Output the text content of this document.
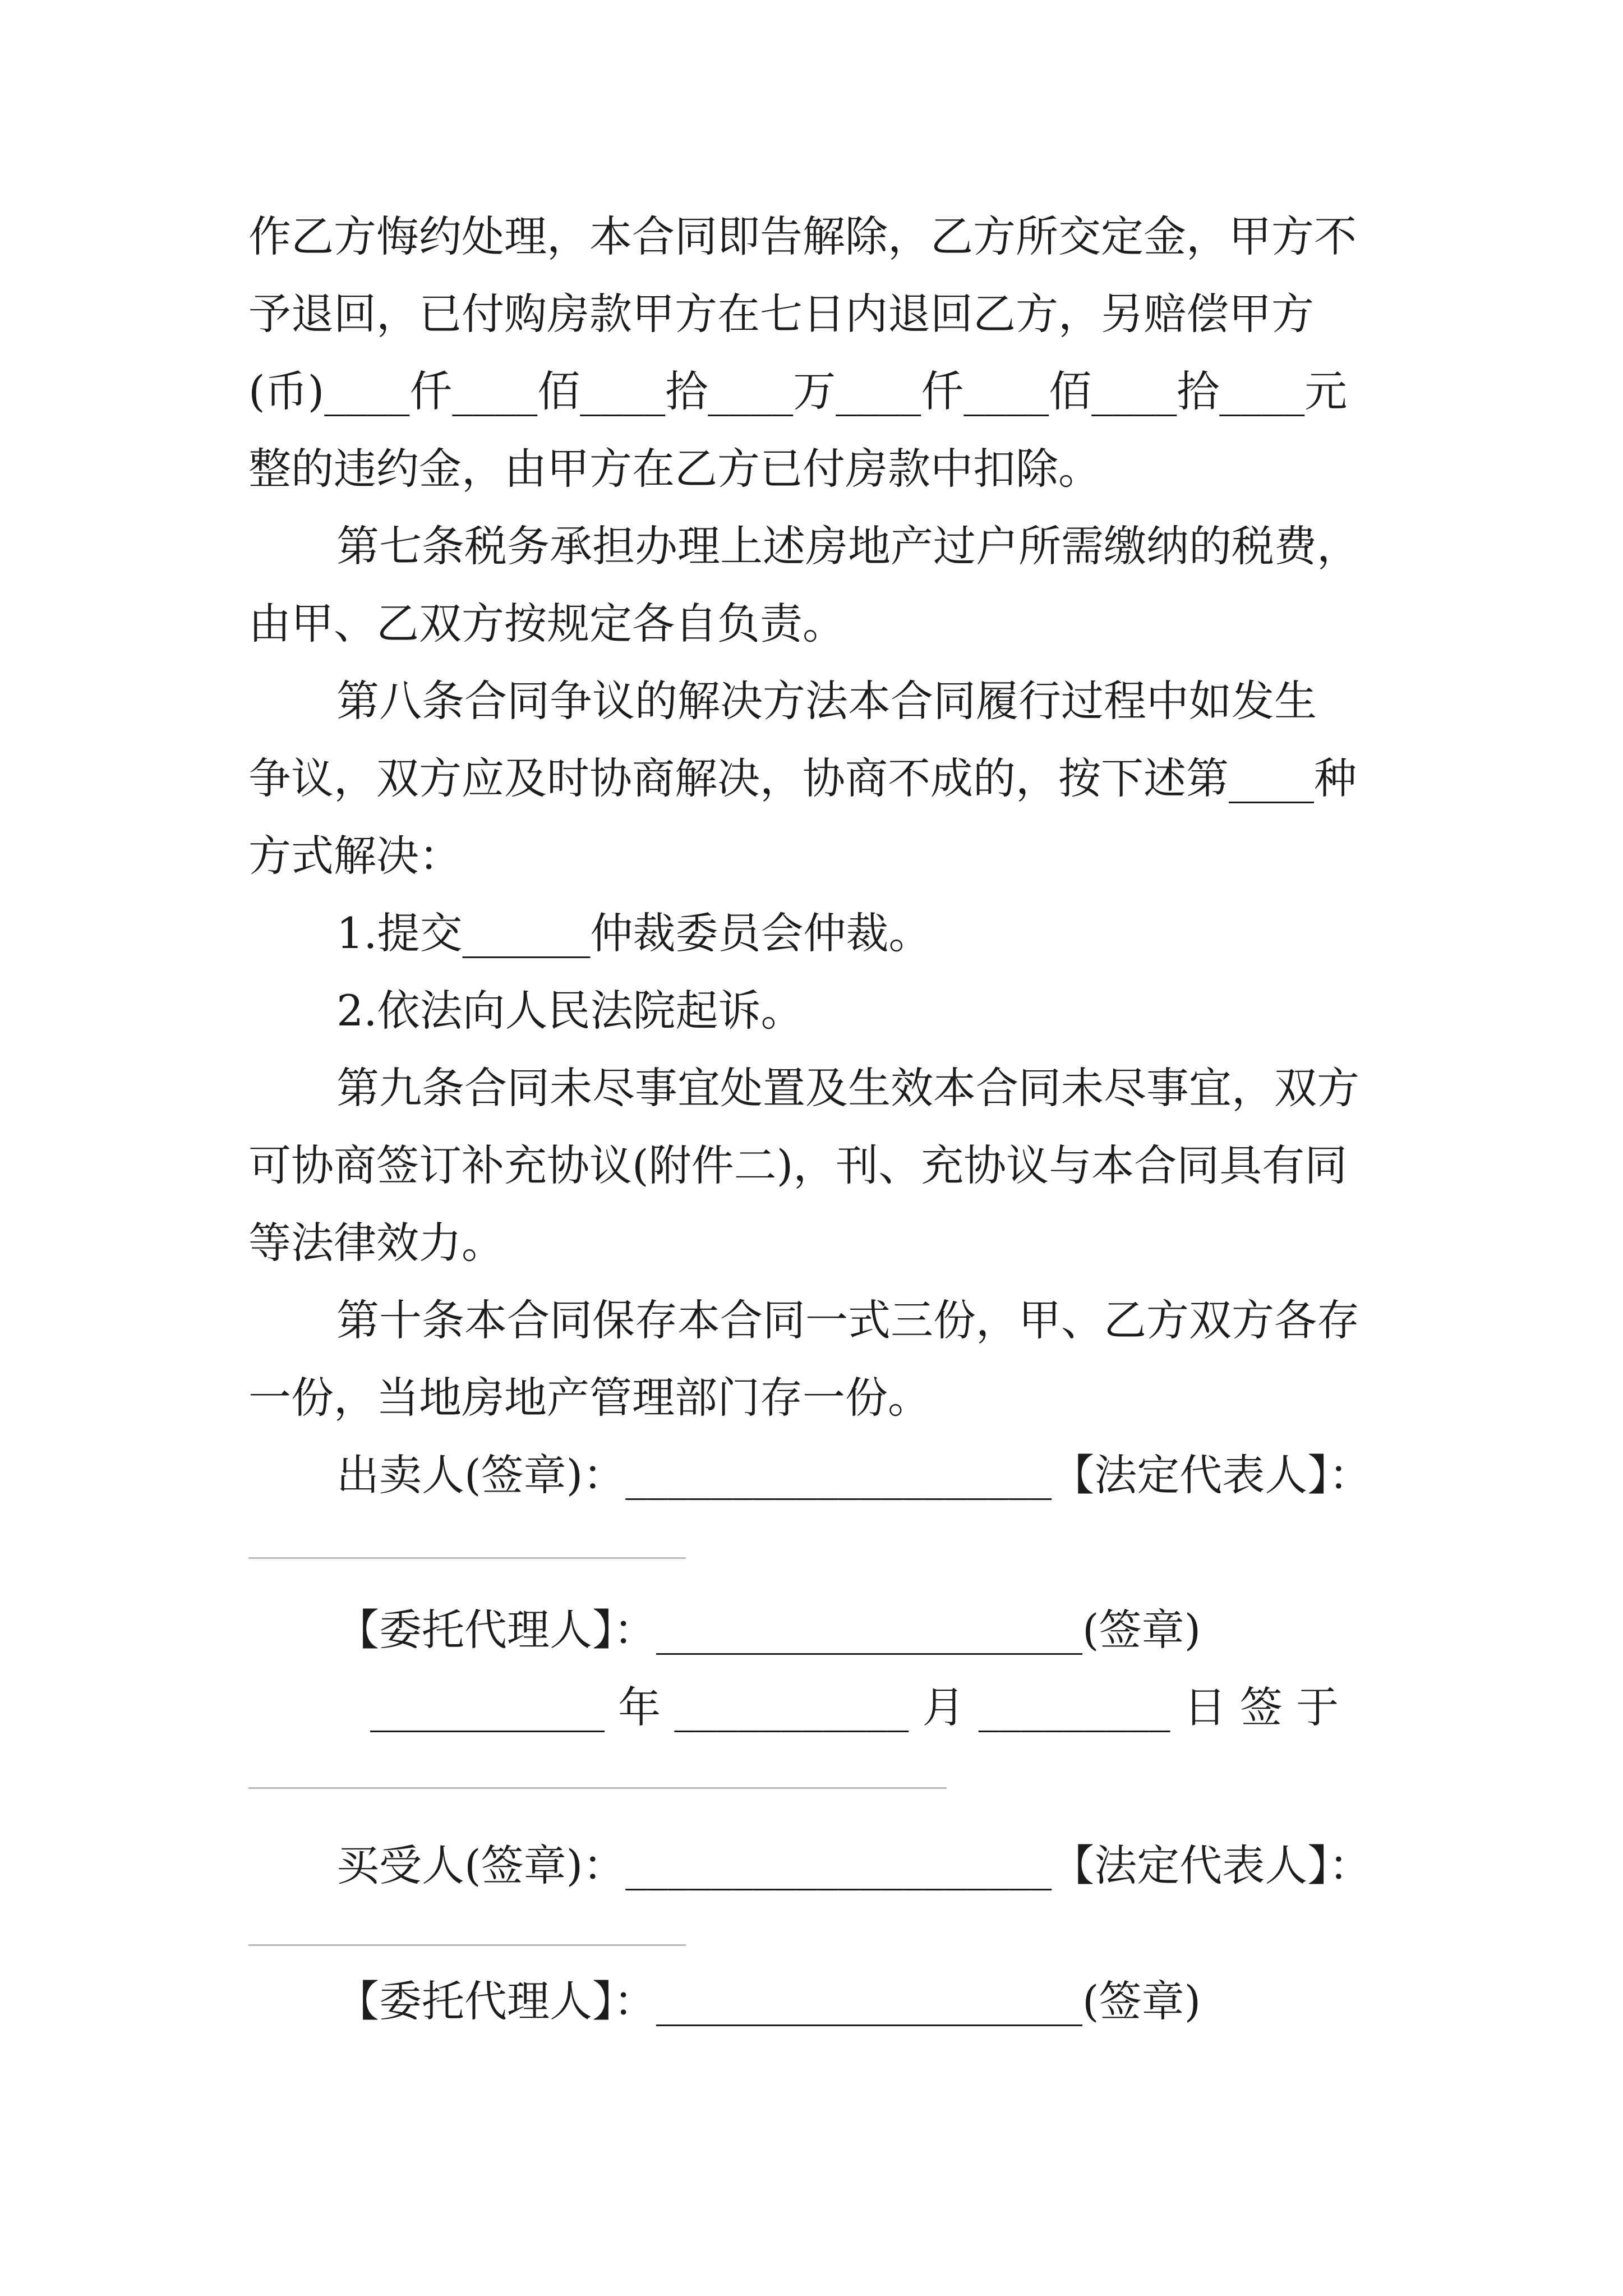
作乙方悔约处理，本合同即告解除，乙方所交定金，甲方不
予退回，已付购房款甲方在七日内退回乙方，另赔偿甲方
(币)____仟____佰____拾____万____仟____佰____拾____元
整的违约金，由甲方在乙方已付房款中扣除。
第七条税务承担办理上述房地产过户所需缴纳的税费，
由甲、乙双方按规定各自负责。
第八条合同争议的解决方法本合同履行过程中如发生
争议，双方应及时协商解决，协商不成的，按下述第____种
方式解决：
1.提交______仲裁委员会仲裁。
2.依法向人民法院起诉。
第九条合同未尽事宜处置及生效本合同未尽事宜，双方
可协商签订补充协议(附件二)，刊、充协议与本合同具有同
等法律效力。
第十条本合同保存本合同一式三份，甲、乙方双方各存
一份，当地房地产管理部门存一份。
出卖人(签章)：____________________【法定代表人】：
【委托代理人】：____________________(签章)
___________ 年 ___________ 月 _________ 日 签 于
买受人(签章)：____________________【法定代表人】：
【委托代理人】：____________________(签章)
